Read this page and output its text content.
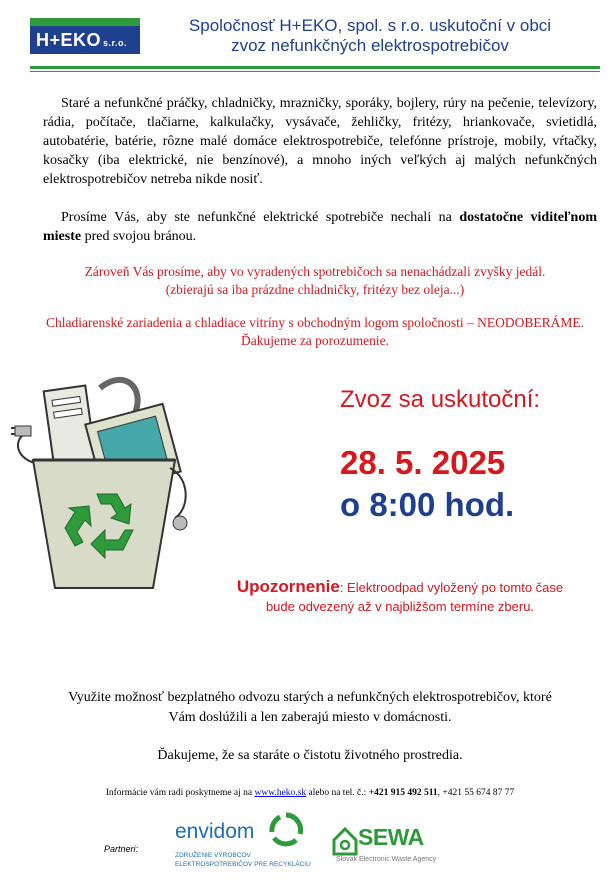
H+EKO s.r.o.
Spoločnosť H+EKO, spol. s r.o. uskutoční v obci
zvoz nefunkčných elektrospotrebičov
Staré a nefunkčné práčky, chladničky, mrazničky, sporáky, bojlery, rúry na pečenie, televízory, rádia, počítače, tlačiarne, kalkulačky, vysávače, žehličky, fritézy, hriankovače, svietidlá, autobatérie, batérie, rôzne malé domáce elektrospotrebiče, telefónne prístroje, mobily, vŕtačky, kosačky (iba elektrické, nie benzínové), a mnoho iných veľkých aj malých nefunkčných elektrospotrebičov netreba nikde nosiť.
Prosíme Vás, aby ste nefunkčné elektrické spotrebiče nechali na dostatočne viditeľnom mieste pred svojou bránou.
Zároveň Vás prosíme, aby vo vyradených spotrebičoch sa nenachádzali zvyšky jedál.
(zbierajú sa iba prázdne chladničky, fritézy bez oleja...)
Chladiarenské zariadenia a chladiace vitríny s obchodným logom spoločnosti – NEODOBERÁME.
Ďakujeme za porozumenie.
Zvoz sa uskutoční:
28. 5. 2025
o 8:00 hod.
Upozornenie: Elektroodpad vyložený po tomto čase
bude odvezený až v najbližšom termíne zberu.
Využite možnosť bezplatného odvozu starých a nefunkčných elektrospotrebičov, ktoré
Vám doslúžili a len zaberajú miesto v domácnosti.
Ďakujeme, že sa staráte o čistotu životného prostredia.
Informácie vám radi poskytneme aj na www.heko.sk alebo na tel. č.: +421 915 492 511, +421 55 674 87 77
Partneri:
envidom
ZDRUŽENIE VÝROBCOV
ELEKTROSPOTREBIČOV PRE RECYKLÁCIU
SEWA
Slovak Electronic Waste Agency
